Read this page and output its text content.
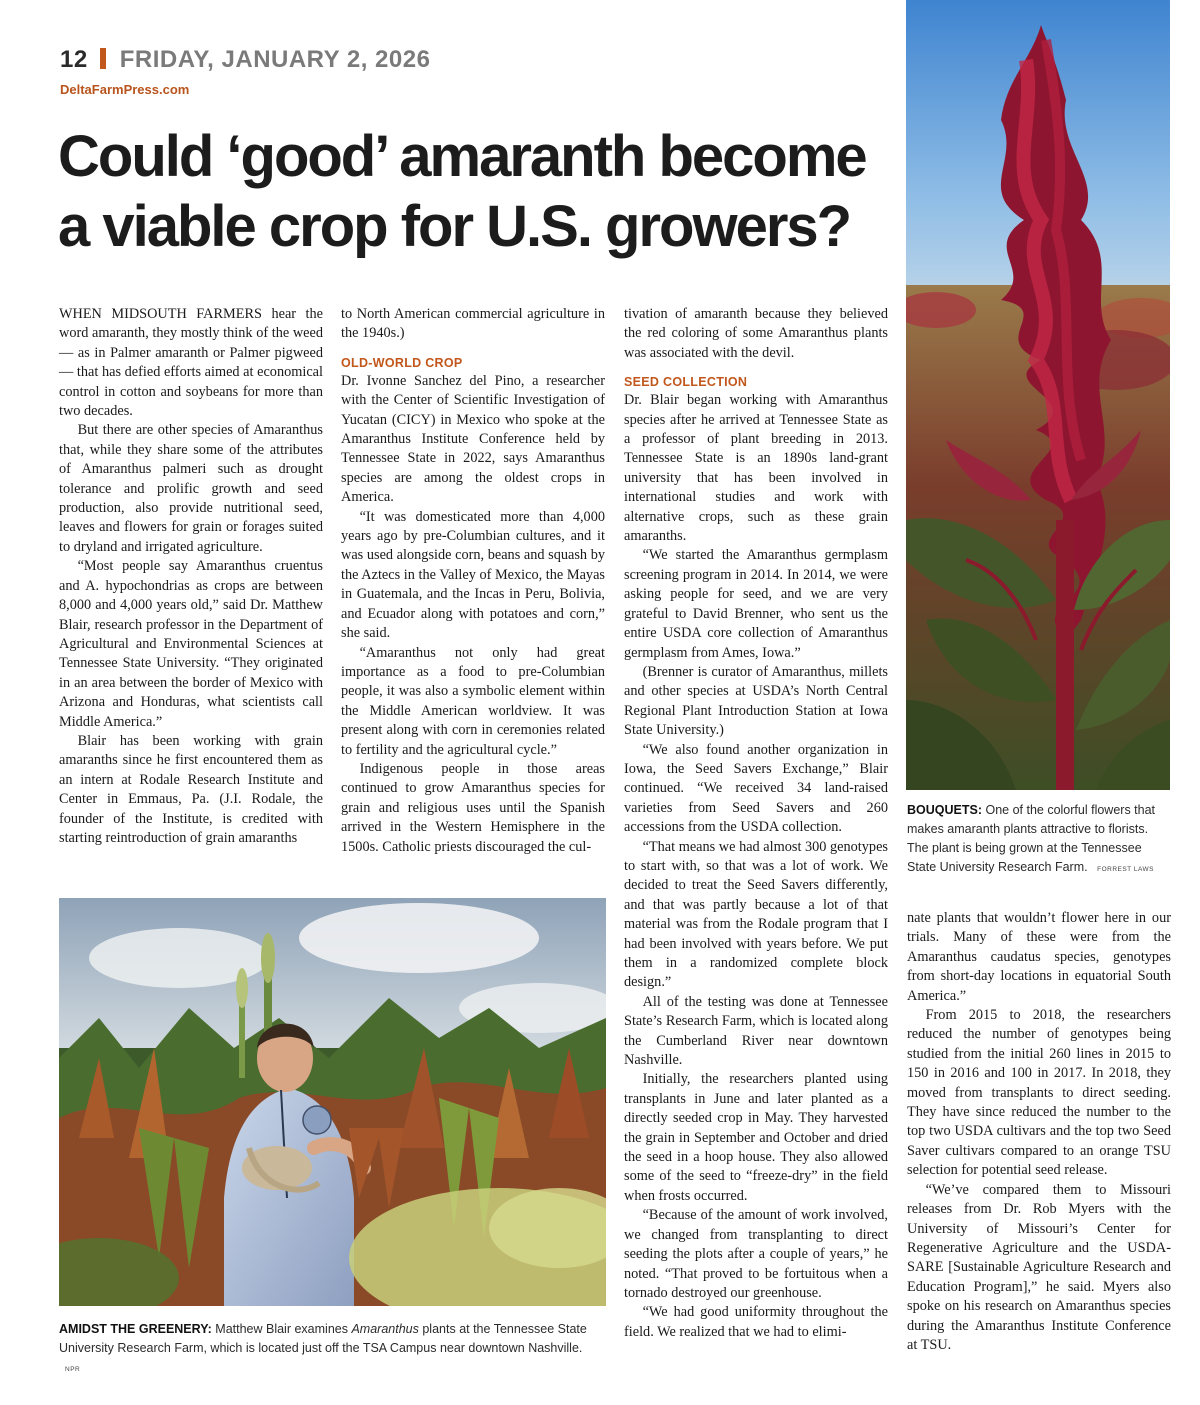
12 FRIDAY, JANUARY 2, 2026
DeltaFarmPress.com
Could ‘good’ amaranth become a viable crop for U.S. growers?

WHEN MIDSOUTH FARMERS hear the word amaranth, they mostly think of the weed — as in Palmer amaranth or Palmer pigweed — that has defied efforts aimed at economical control in cotton and soybeans for more than two decades.

But there are other species of Amaranthus that, while they share some of the attributes of Amaranthus palmeri such as drought tolerance and prolific growth and seed production, also provide nutritional seed, leaves and flowers for grain or forages suited to dryland and irrigated agriculture.

“Most people say Amaranthus cruentus and A. hypochondrias as crops are between 8,000 and 4,000 years old,” said Dr. Matthew Blair, research professor in the Department of Agricultural and Environmental Sciences at Tennessee State University. “They originated in an area between the border of Mexico with Arizona and Honduras, what scientists call Middle America.”

Blair has been working with grain amaranths since he first encountered them as an intern at Rodale Research Institute and Center in Emmaus, Pa. (J.I. Rodale, the founder of the Institute, is credited with starting reintroduction of grain amaranths

to North American commercial agriculture in the 1940s.)

OLD-WORLD CROP

Dr. Ivonne Sanchez del Pino, a researcher with the Center of Scientific Investigation of Yucatan (CICY) in Mexico who spoke at the Amaranthus Institute Conference held by Tennessee State in 2022, says Amaranthus species are among the oldest crops in America.

“It was domesticated more than 4,000 years ago by pre-Columbian cultures, and it was used alongside corn, beans and squash by the Aztecs in the Valley of Mexico, the Mayas in Guatemala, and the Incas in Peru, Bolivia, and Ecuador along with potatoes and corn,” she said.

“Amaranthus not only had great importance as a food to pre-Columbian people, it was also a symbolic element within the Middle American worldview. It was present along with corn in ceremonies related to fertility and the agricultural cycle.”

Indigenous people in those areas continued to grow Amaranthus species for grain and religious uses until the Spanish arrived in the Western Hemisphere in the 1500s. Catholic priests discouraged the cul-

tivation of amaranth because they believed the red coloring of some Amaranthus plants was associated with the devil.

SEED COLLECTION

Dr. Blair began working with Amaranthus species after he arrived at Tennessee State as a professor of plant breeding in 2013. Tennessee State is an 1890s land-grant university that has been involved in international studies and work with alternative crops, such as these grain amaranths.

“We started the Amaranthus germplasm screening program in 2014. In 2014, we were asking people for seed, and we are very grateful to David Brenner, who sent us the entire USDA core collection of Amaranthus germplasm from Ames, Iowa.”

(Brenner is curator of Amaranthus, millets and other species at USDA’s North Central Regional Plant Introduction Station at Iowa State University.)

“We also found another organization in Iowa, the Seed Savers Exchange,” Blair continued. “We received 34 land-raised varieties from Seed Savers and 260 accessions from the USDA collection.

“That means we had almost 300 genotypes to start with, so that was a lot of work. We decided to treat the Seed Savers differently, and that was partly because a lot of that material was from the Rodale program that I had been involved with years before. We put them in a randomized complete block design.”

All of the testing was done at Tennessee State’s Research Farm, which is located along the Cumberland River near downtown Nashville.

Initially, the researchers planted using transplants in June and later planted as a directly seeded crop in May. They harvested the grain in September and October and dried the seed in a hoop house. They also allowed some of the seed to “freeze-dry” in the field when frosts occurred.

“Because of the amount of work involved, we changed from transplanting to direct seeding the plots after a couple of years,” he noted. “That proved to be fortuitous when a tornado destroyed our greenhouse.

“We had good uniformity throughout the field. We realized that we had to elimi-

nate plants that wouldn’t flower here in our trials. Many of these were from the Amaranthus caudatus species, genotypes from short-day locations in equatorial South America.”

From 2015 to 2018, the researchers reduced the number of genotypes being studied from the initial 260 lines in 2015 to 150 in 2016 and 100 in 2017. In 2018, they moved from transplants to direct seeding. They have since reduced the number to the top two USDA cultivars and the top two Seed Saver cultivars compared to an orange TSU selection for potential seed release.

“We’ve compared them to Missouri releases from Dr. Rob Myers with the University of Missouri’s Center for Regenerative Agriculture and the USDA-SARE [Sustainable Agriculture Research and Education Program],” he said. Myers also spoke on his research on Amaranthus species during the Amaranthus Institute Conference at TSU.

BOUQUETS: One of the colorful flowers that makes amaranth plants attractive to florists. The plant is being grown at the Tennessee State University Research Farm. FORREST LAWS
AMIDST THE GREENERY: Matthew Blair examines Amaranthus plants at the Tennessee State University Research Farm, which is located just off the TSA Campus near downtown Nashville. NPR
